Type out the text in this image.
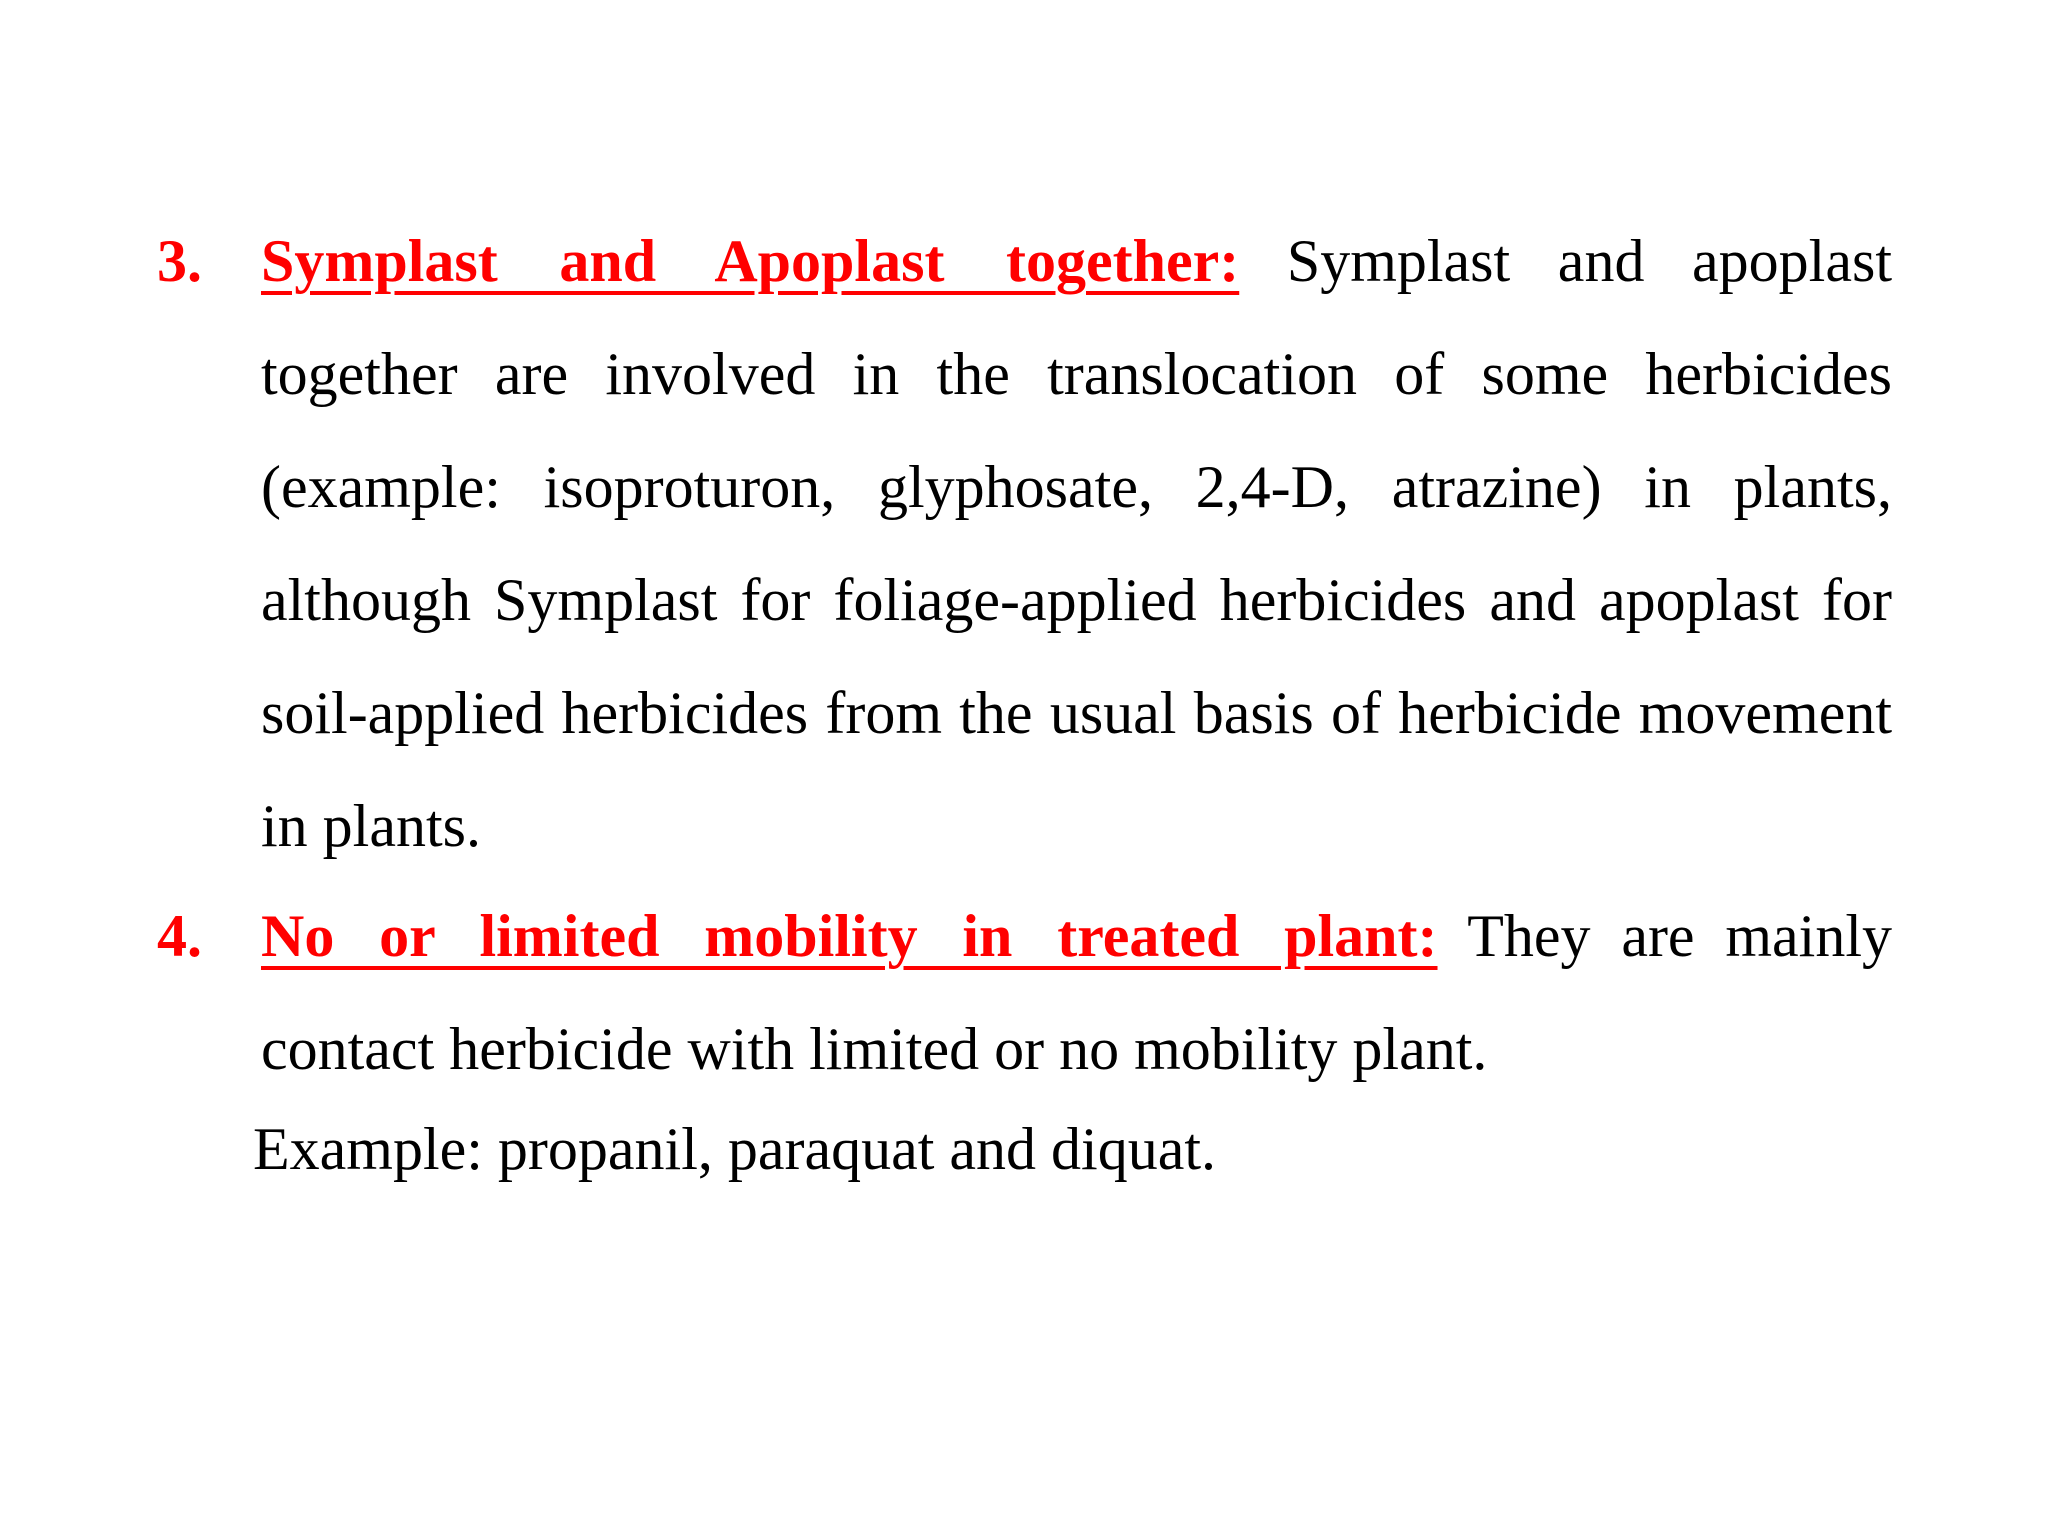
3. Symplast and Apoplast together: Symplast and apoplast together are involved in the translocation of some herbicides (example: isoproturon, glyphosate, 2,4-D, atrazine) in plants, although Symplast for foliage-applied herbicides and apoplast for soil-applied herbicides from the usual basis of herbicide movement in plants.
4. No or limited mobility in treated plant: They are mainly contact herbicide with limited or no mobility plant.
Example: propanil, paraquat and diquat.
